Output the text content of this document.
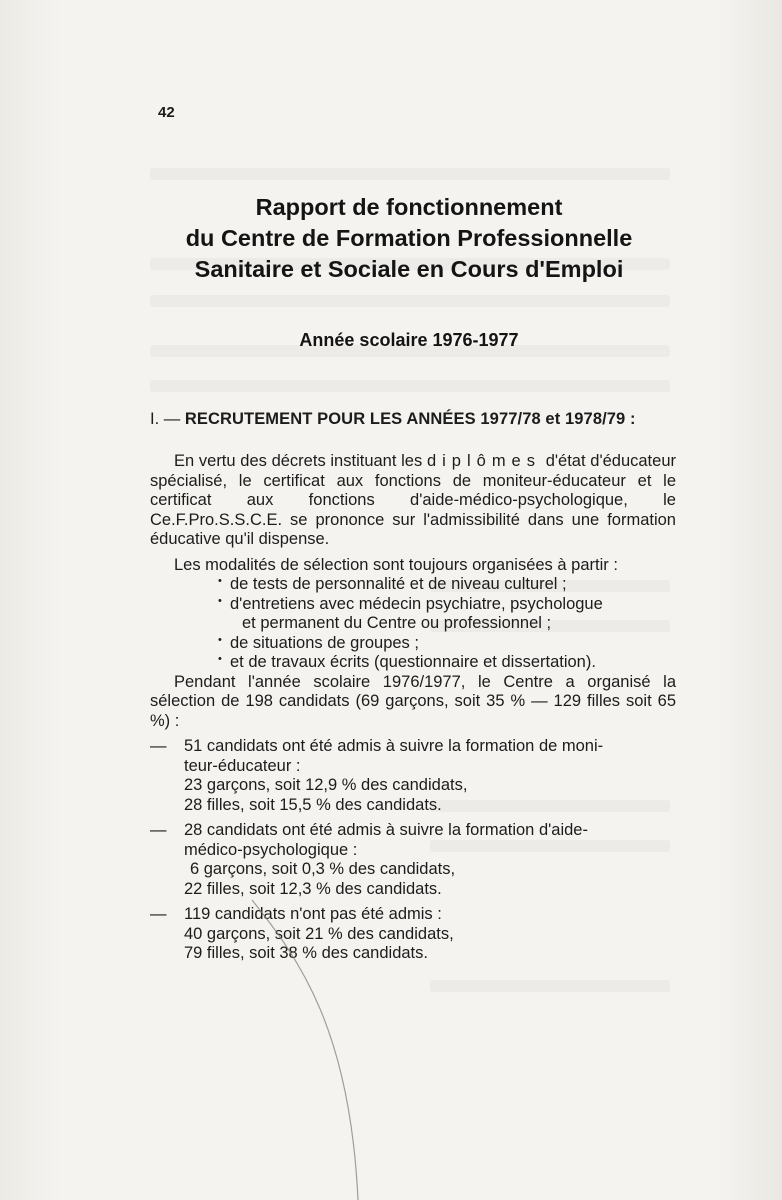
42
Rapport de fonctionnement
du Centre de Formation Professionnelle
Sanitaire et Sociale en Cours d'Emploi
Année scolaire 1976-1977
I. — RECRUTEMENT POUR LES ANNÉES 1977/78 et 1978/79 :

En vertu des décrets instituant les diplômes d'état d'éducateur spécialisé, le certificat aux fonctions de moniteur-éducateur et le certificat aux fonctions d'aide-médico-psychologique, le Ce.F.Pro.S.S.C.E. se prononce sur l'admissibilité dans une formation éducative qu'il dispense.

Les modalités de sélection sont toujours organisées à partir :

• de tests de personnalité et de niveau culturel ;
• d'entretiens avec médecin psychiatre, psychologue
et permanent du Centre ou professionnel ;
• de situations de groupes ;
• et de travaux écrits (questionnaire et dissertation).

Pendant l'année scolaire 1976/1977, le Centre a organisé la sélection de 198 candidats (69 garçons, soit 35 % — 129 filles soit 65 %) :

—	51 candidats ont été admis à suivre la formation de moni-
teur-éducateur :
23 garçons, soit 12,9 % des candidats,
28 filles, soit 15,5 % des candidats.
—	28 candidats ont été admis à suivre la formation d'aide-
médico-psychologique :
6 garçons, soit 0,3 % des candidats,
22 filles, soit 12,3 % des candidats.
—	119 candidats n'ont pas été admis :
40 garçons, soit 21 % des candidats,
79 filles, soit 38 % des candidats.
